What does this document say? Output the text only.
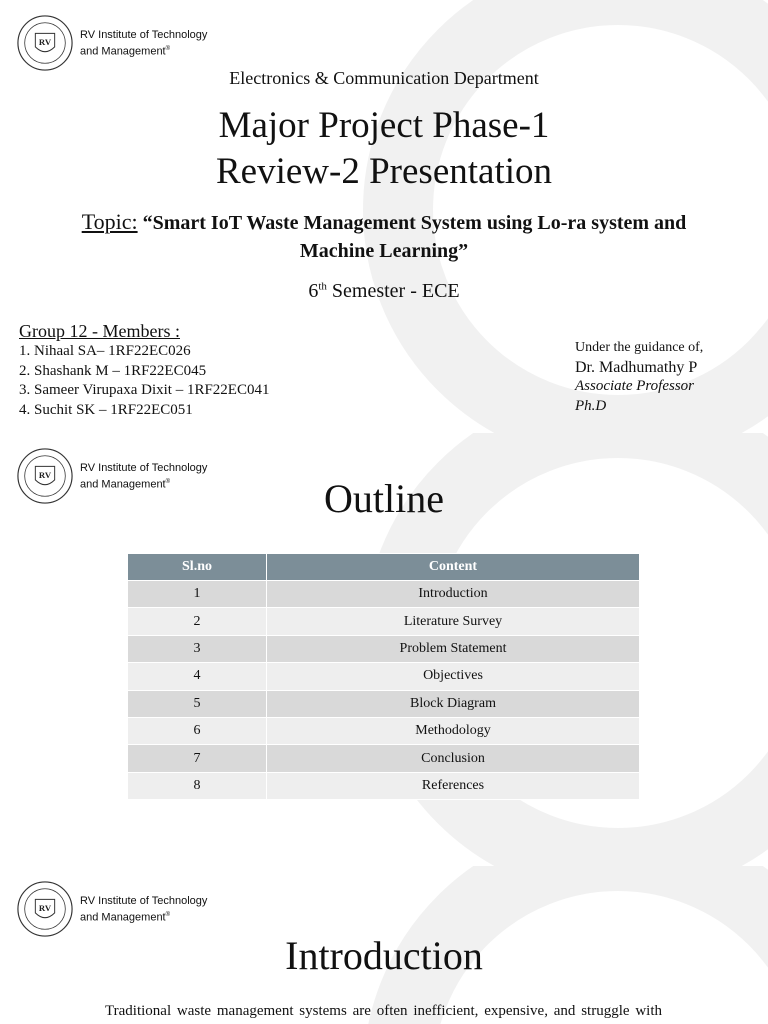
RV
RV Institute of Technology
and Management®
Electronics & Communication Department
Major Project Phase-1
Review-2 Presentation
Topic: “Smart IoT Waste Management System using Lo-ra system and Machine Learning”
6th Semester - ECE
Group 12 - Members :
1. Nihaal SA– 1RF22EC026
2. Shashank M – 1RF22EC045
3. Sameer Virupaxa Dixit – 1RF22EC041
4. Suchit SK – 1RF22EC051
Under the guidance of,
Dr. Madhumathy P
Associate Professor
Ph.D
RV
RV Institute of Technology
and Management®	Outline
Sl.no	Content
1	Introduction
2	Literature Survey
3	Problem Statement
4	Objectives
5	Block Diagram
6	Methodology
7	Conclusion
8	References
RV
RV Institute of Technology
and Management®
Introduction
Traditional waste management systems are often inefficient, expensive, and struggle with
